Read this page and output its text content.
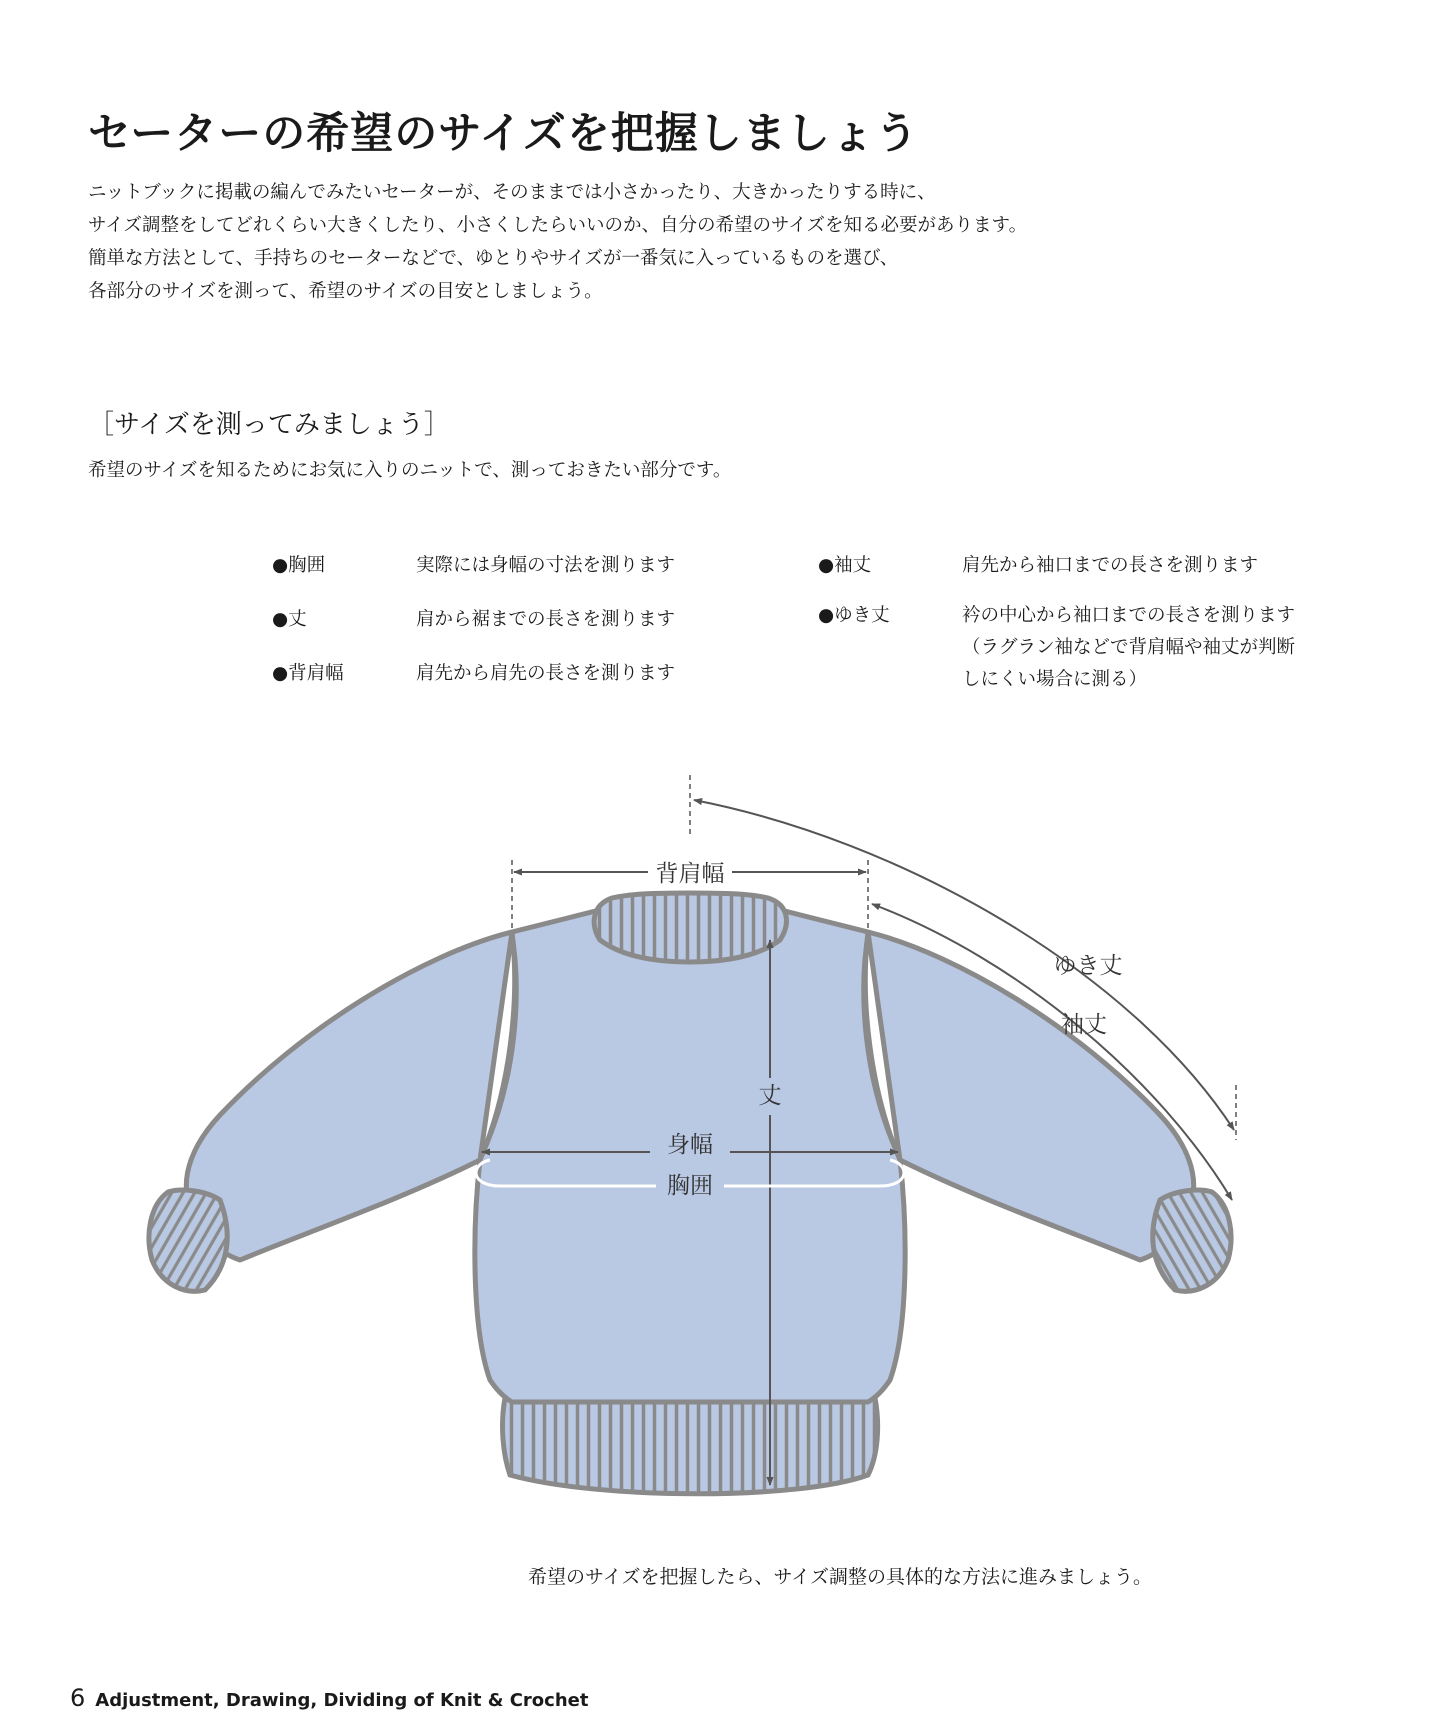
セーターの希望のサイズを把握しましょう

ニットブックに掲載の編んでみたいセーターが、そのままでは小さかったり、大きかったりする時に、

サイズ調整をしてどれくらい大きくしたり、小さくしたらいいのか、自分の希望のサイズを知る必要があります。

簡単な方法として、手持ちのセーターなどで、ゆとりやサイズが一番気に入っているものを選び、

各部分のサイズを測って、希望のサイズの目安としましょう。

［サイズを測ってみましょう］

希望のサイズを知るためにお気に入りのニットで、測っておきたい部分です。

●胸囲	実際には身幅の寸法を測ります
●丈	肩から裾までの長さを測ります
●背肩幅	肩先から肩先の長さを測ります
●袖丈	肩先から袖口までの長さを測ります
●ゆき丈	衿の中心から袖口までの長さを測ります
（ラグラン袖などで背肩幅や袖丈が判断
しにくい場合に測る）
背肩幅
丈
身幅
胸囲
ゆき丈
袖丈

希望のサイズを把握したら、サイズ調整の具体的な方法に進みましょう。

6 Adjustment, Drawing, Dividing of Knit & Crochet
